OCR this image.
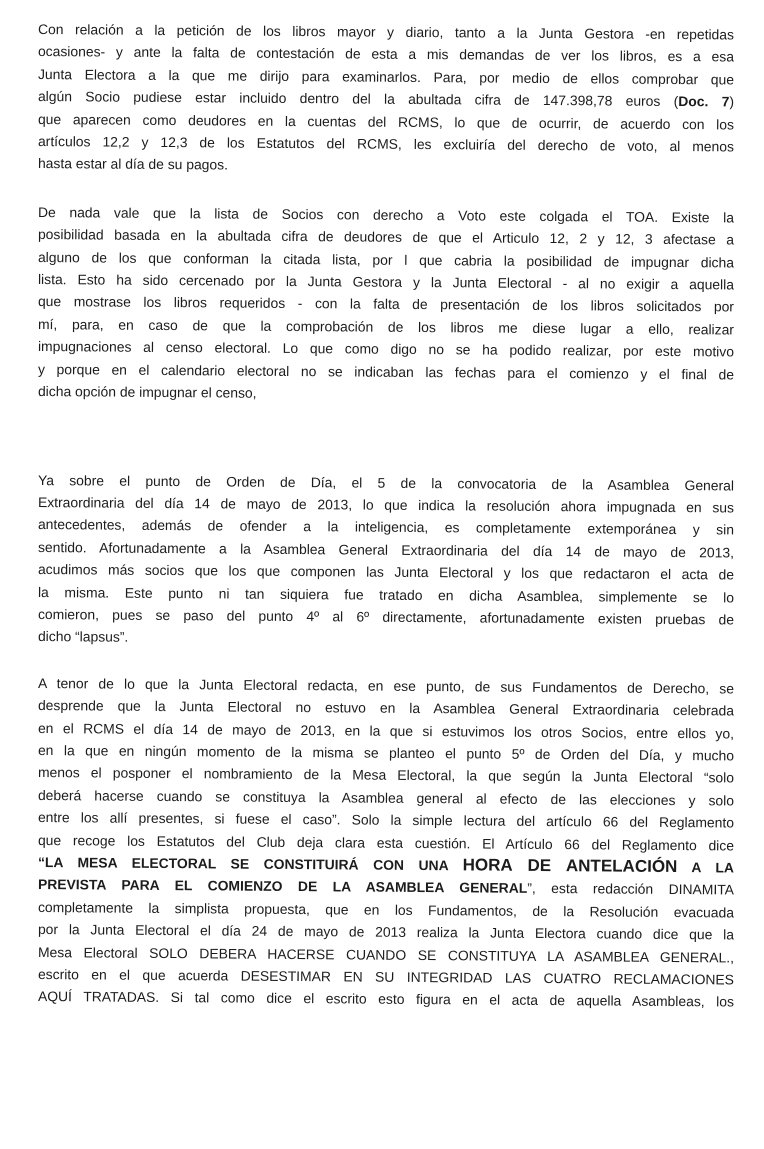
Con relación a la petición de los libros mayor y diario, tanto a la Junta Gestora -en repetidas
ocasiones- y ante la falta de contestación de esta a mis demandas de ver los libros, es a esa
Junta Electora a la que me dirijo para examinarlos. Para, por medio de ellos comprobar que
algún Socio pudiese estar incluido dentro del la abultada cifra de 147.398,78 euros (Doc. 7)
que aparecen como deudores en la cuentas del RCMS, lo que de ocurrir, de acuerdo con los
artículos 12,2 y 12,3 de los Estatutos del RCMS, les excluiría del derecho de voto, al menos
hasta estar al día de su pagos.
De nada vale que la lista de Socios con derecho a Voto este colgada el TOA. Existe la
posibilidad basada en la abultada cifra de deudores de que el Articulo 12, 2 y 12, 3 afectase a
alguno de los que conforman la citada lista, por l que cabria la posibilidad de impugnar dicha
lista. Esto ha sido cercenado por la Junta Gestora y la Junta Electoral - al no exigir a aquella
que mostrase los libros requeridos - con la falta de presentación de los libros solicitados por
mí, para, en caso de que la comprobación de los libros me diese lugar a ello, realizar
impugnaciones al censo electoral. Lo que como digo no se ha podido realizar, por este motivo
y porque en el calendario electoral no se indicaban las fechas para el comienzo y el final de
dicha opción de impugnar el censo,
Ya sobre el punto de Orden de Día, el 5 de la convocatoria de la Asamblea General
Extraordinaria del día 14 de mayo de 2013, lo que indica la resolución ahora impugnada en sus
antecedentes, además de ofender a la inteligencia, es completamente extemporánea y sin
sentido. Afortunadamente a la Asamblea General Extraordinaria del día 14 de mayo de 2013,
acudimos más socios que los que componen las Junta Electoral y los que redactaron el acta de
la misma. Este punto ni tan siquiera fue tratado en dicha Asamblea, simplemente se lo
comieron, pues se paso del punto 4º al 6º directamente, afortunadamente existen pruebas de
dicho “lapsus”.
A tenor de lo que la Junta Electoral redacta, en ese punto, de sus Fundamentos de Derecho, se
desprende que la Junta Electoral no estuvo en la Asamblea General Extraordinaria celebrada
en el RCMS el día 14 de mayo de 2013, en la que si estuvimos los otros Socios, entre ellos yo,
en la que en ningún momento de la misma se planteo el punto 5º de Orden del Día, y mucho
menos el posponer el nombramiento de la Mesa Electoral, la que según la Junta Electoral “solo
deberá hacerse cuando se constituya la Asamblea general al efecto de las elecciones y solo
entre los allí presentes, si fuese el caso”. Solo la simple lectura del artículo 66 del Reglamento
que recoge los Estatutos del Club deja clara esta cuestión. El Artículo 66 del Reglamento dice
“LA MESA ELECTORAL SE CONSTITUIRÁ CON UNA HORA DE ANTELACIÓN A LA
PREVISTA PARA EL COMIENZO DE LA ASAMBLEA GENERAL”, esta redacción DINAMITA
completamente la simplista propuesta, que en los Fundamentos, de la Resolución evacuada
por la Junta Electoral el día 24 de mayo de 2013 realiza la Junta Electora cuando dice que la
Mesa Electoral SOLO DEBERA HACERSE CUANDO SE CONSTITUYA LA ASAMBLEA GENERAL.,
escrito en el que acuerda DESESTIMAR EN SU INTEGRIDAD LAS CUATRO RECLAMACIONES
AQUÍ TRATADAS. Si tal como dice el escrito esto figura en el acta de aquella Asambleas, los
